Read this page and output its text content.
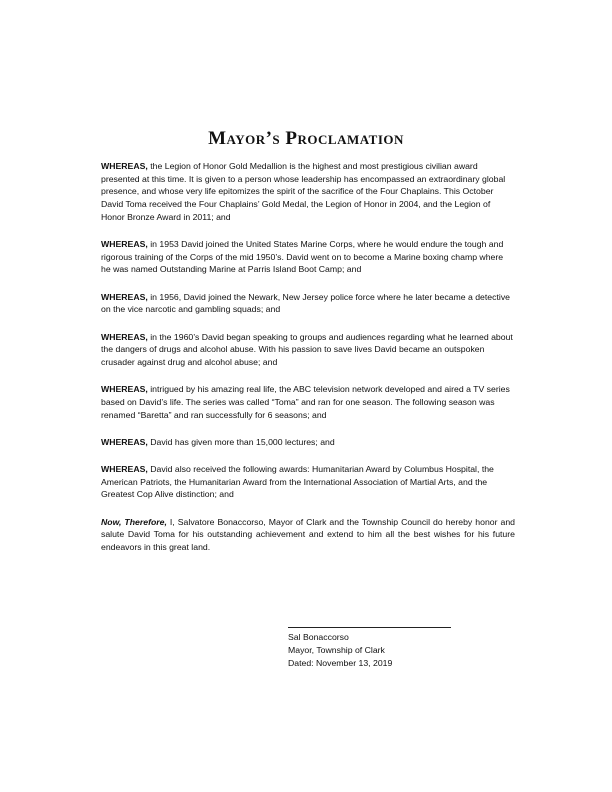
Mayor’s Proclamation

WHEREAS, the Legion of Honor Gold Medallion is the highest and most prestigious civilian award presented at this time. It is given to a person whose leadership has encompassed an extraordinary global presence, and whose very life epitomizes the spirit of the sacrifice of the Four Chaplains. This October David Toma received the Four Chaplains’ Gold Medal, the Legion of Honor in 2004, and the Legion of Honor Bronze Award in 2011; and

WHEREAS, in 1953 David joined the United States Marine Corps, where he would endure the tough and rigorous training of the Corps of the mid 1950’s. David went on to become a Marine boxing champ where he was named Outstanding Marine at Parris Island Boot Camp; and

WHEREAS, in 1956, David joined the Newark, New Jersey police force where he later became a detective on the vice narcotic and gambling squads; and

WHEREAS, in the 1960’s David began speaking to groups and audiences regarding what he learned about the dangers of drugs and alcohol abuse. With his passion to save lives David became an outspoken crusader against drug and alcohol abuse; and

WHEREAS, intrigued by his amazing real life, the ABC television network developed and aired a TV series based on David’s life. The series was called “Toma” and ran for one season. The following season was renamed “Baretta” and ran successfully for 6 seasons; and

WHEREAS, David has given more than 15,000 lectures; and

WHEREAS, David also received the following awards: Humanitarian Award by Columbus Hospital, the American Patriots, the Humanitarian Award from the International Association of Martial Arts, and the Greatest Cop Alive distinction; and

Now, Therefore, I, Salvatore Bonaccorso, Mayor of Clark and the Township Council do hereby honor and salute David Toma for his outstanding achievement and extend to him all the best wishes for his future endeavors in this great land.

Sal Bonaccorso
Mayor, Township of Clark
Dated: November 13, 2019
